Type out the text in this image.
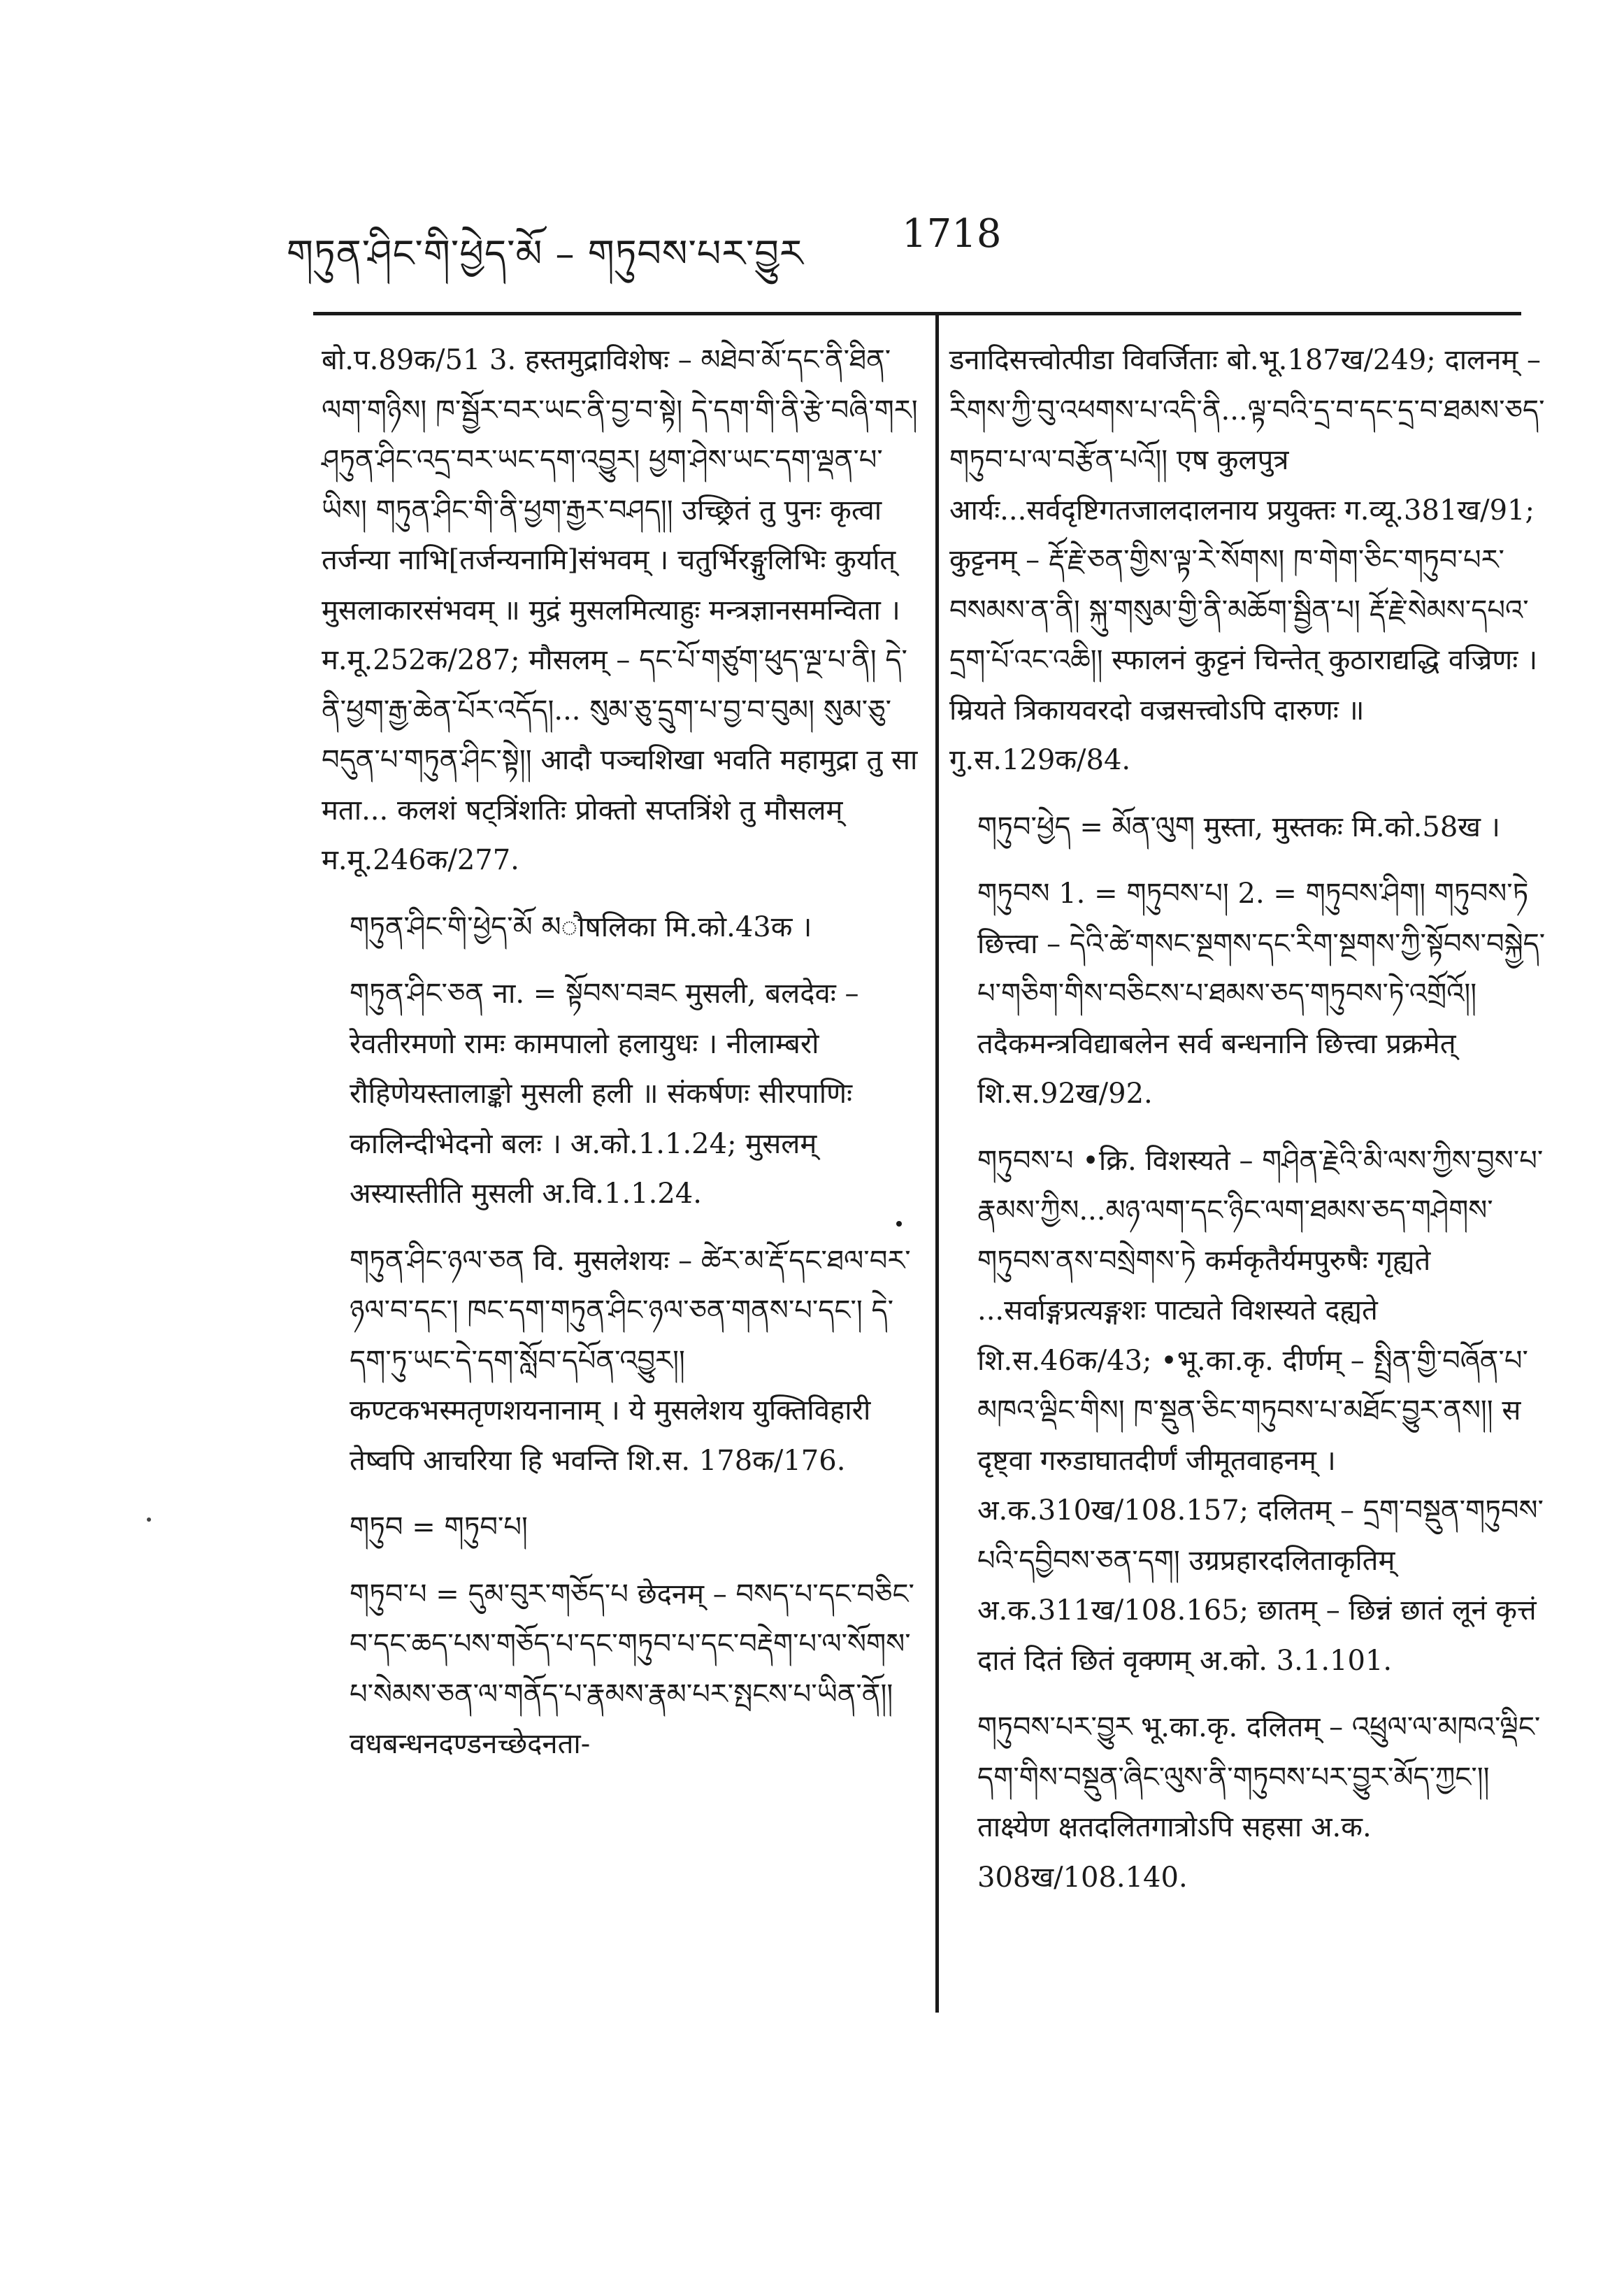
གཏུན་ཤིང་གི་ཕྱེད་མོ – གཏུབས་པར་བྱུར	1718
बो.प.89क/51 3. हस्तमुद्राविशेषः – མཐེབ་མོ་དང་ནི་ཐིན་ལག་གཉིས། ཁ་སྦྱོར་བར་ཡང་ནི་བྱ་བ་སྟེ། དེ་དག་གི་ནི་རྩེ་བཞི་གར། ཤཏུན་ཤིང་འདྲ་བར་ཡང་དག་འབྱུར། ཕྱག་ཤེས་ཡང་དག་ལྡན་པ་ཡིས། གཏུན་ཤིང་གི་ནི་ཕྱག་རྒྱར་བཤད།། उच्छ्रितं तु पुनः कृत्वा तर्जन्या नाभि[तर्जन्यनामि]संभवम् । चतुर्भिरङ्गुलिभिः कुर्यात् मुसलाकारसंभवम् ॥ मुद्रं मुसलमित्याहुः मन्त्रज्ञानसमन्विता । म.मू.252क/287; मौसलम् – དང་པོ་གཙུག་ཕུད་ལྔ་པ་ནི། དེ་ནི་ཕྱག་རྒྱ་ཆེན་པོར་འདོད།... སུམ་ཅུ་དྲུག་པ་བྱ་བ་བུམ། སུམ་ཅུ་བདུན་པ་གཏུན་ཤིང་སྟེ།། आदौ पञ्चशिखा भवति महामुद्रा तु सा मता... कलशं षट्त्रिंशतिः प्रोक्तो सप्तत्रिंशे तु मौसलम् म.मू.246क/277.
གཏུན་ཤིང་གི་ཕྱེད་མོ མौषलिका मि.को.43क ।
གཏུན་ཤིང་ཅན ना. = སྟོབས་བཟང मुसली, बलदेवः – रेवतीरमणो रामः कामपालो हलायुधः । नीलाम्बरो रौहिणेयस्तालाङ्को मुसली हली ॥ संकर्षणः सीरपाणिः कालिन्दीभेदनो बलः । अ.को.1.1.24; मुसलम् अस्यास्तीति मुसली अ.वि.1.1.24.
གཏུན་ཤིང་ཉལ་ཅན वि. मुसलेशयः – ཚེར་མ་རྡོ་དང་ཐལ་བར་ཉལ་བ་དང་། ཁང་དག་གཏུན་ཤིང་ཉལ་ཅན་གནས་པ་དང་། དེ་དག་ཏུ་ཡང་དེ་དག་སློབ་དཔོན་འབྱུར།། कण्टकभस्मतृणशयनानाम् । ये मुसलेशय युक्तिविहारी तेष्वपि आचरिया हि भवन्ति शि.स. 178क/176.
གཏུབ = གཏུབ་པ།
གཏུབ་པ = དུམ་བུར་གཅོད་པ छेदनम् – བསད་པ་དང་བཅིང་བ་དང་ཆད་པས་གཅོད་པ་དང་གཏུབ་པ་དང་བརྡེག་པ་ལ་སོགས་པ་སེམས་ཅན་ལ་གནོད་པ་རྣམས་རྣམ་པར་སྤངས་པ་ཡིན་ནོ།། वधबन्धनदण्डनच्छेदनता-
डनादिसत्त्वोत्पीडा विवर्जिताः बो.भू.187ख/249; दालनम् – རིགས་ཀྱི་བུ་འཕགས་པ་འདི་ནི...ལྟ་བའི་དྲ་བ་དང་དྲ་བ་ཐམས་ཅད་གཏུབ་པ་ལ་བརྩོན་པའོ།། एष कुलपुत्र आर्यः...सर्वदृष्टिगतजालदालनाय प्रयुक्तः ग.व्यू.381ख/91; कुट्टनम् – རྡོ་རྗེ་ཅན་གྱིས་ལྟ་རེ་སོགས། ཁ་གེག་ཅིང་གཏུབ་པར་བསམས་ན་ནི། སྐུ་གསུམ་གྱི་ནི་མཆོག་སྦྱིན་པ། རྡོ་རྗེ་སེམས་དཔའ་དྲག་པོ་འང་འཆི།། स्फालनं कुट्टनं चिन्तेत् कुठाराद्यद्धि वज्रिणः । म्रियते त्रिकायवरदो वज्रसत्त्वोऽपि दारुणः ॥ गु.स.129क/84.
གཏུབ་ཕྱེད = མོན་ལུག मुस्ता, मुस्तकः मि.को.58ख ।
གཏུབས 1. = གཏུབས་པ། 2. = གཏུབས་ཤིག། གཏུབས་ཏེ छित्त्वा – དེའི་ཚེ་གསང་སྔགས་དང་རིག་སྔགས་ཀྱི་སྟོབས་བསྐྱེད་པ་གཅིག་གིས་བཅིངས་པ་ཐམས་ཅད་གཏུབས་ཏེ་འགྲོའོ།། तदैकमन्त्रविद्याबलेन सर्व बन्धनानि छित्त्वा प्रक्रमेत् शि.स.92ख/92.
གཏུབས་པ •क्रि. विशस्यते – གཤིན་རྗེའི་མི་ལས་ཀྱིས་བྱས་པ་རྣམས་ཀྱིས...མཉ་ལག་དང་ཉིང་ལག་ཐམས་ཅད་གཤེགས་གཏུབས་ནས་བསྲེགས་ཏེ कर्मकृतैर्यमपुरुषैः गृह्यते ...सर्वाङ्गप्रत्यङ्गशः पाट्यते विशस्यते दह्यते शि.स.46क/43; •भू.का.कृ. दीर्णम् – སྤྲིན་གྱི་བཞོན་པ་མཁའ་ལྡིང་གིས། ཁ་སྡུན་ཅིང་གཏུབས་པ་མཐོང་བྱུར་ནས།། स दृष्ट्वा गरुडाघातदीर्णं जीमूतवाहनम् । अ.क.310ख/108.157; दलितम् – དྲག་བསྡུན་གཏུབས་པའི་དབྱིབས་ཅན་དག། उग्रप्रहारदलिताकृतिम् अ.क.311ख/108.165; छातम् – छिन्नं छातं लूनं कृत्तं दातं दितं छितं वृक्णम् अ.को. 3.1.101.
གཏུབས་པར་བྱུར भू.का.कृ. दलितम् – འཕྲུལ་ལ་མཁའ་ལྡིང་དག་གིས་བསྡུན་ཞིང་ལུས་ནི་གཏུབས་པར་བྱུར་མོད་ཀྱང་།། ताक्ष्येण क्षतदलितगात्रोऽपि सहसा अ.क. 308ख/108.140.
